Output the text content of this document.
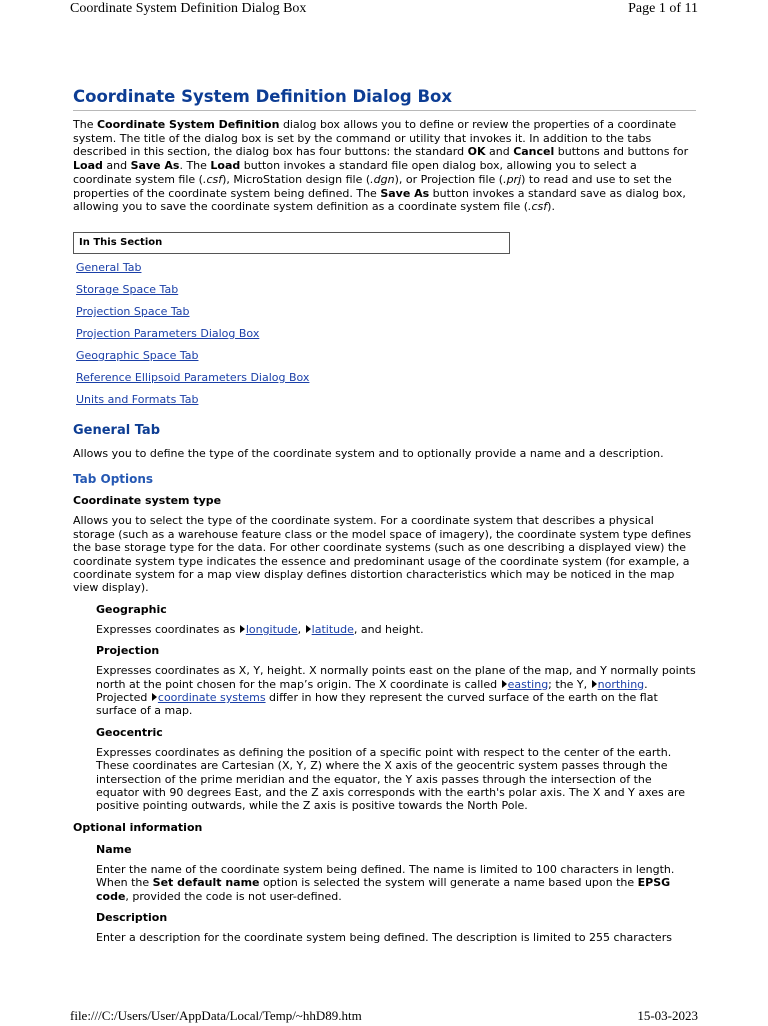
Coordinate System Definition Dialog Box	Page 1 of 11
Coordinate System Definition Dialog Box

The Coordinate System Definition dialog box allows you to define or review the properties of a coordinate system. The title of the dialog box is set by the command or utility that invokes it. In addition to the tabs described in this section, the dialog box has four buttons: the standard OK and Cancel buttons and buttons for Load and Save As. The Load button invokes a standard file open dialog box, allowing you to select a coordinate system file (.csf), MicroStation design file (.dgn), or Projection file (.prj) to read and use to set the properties of the coordinate system being defined. The Save As button invokes a standard save as dialog box, allowing you to save the coordinate system definition as a coordinate system file (.csf).

In This Section
General Tab
Storage Space Tab
Projection Space Tab
Projection Parameters Dialog Box
Geographic Space Tab
Reference Ellipsoid Parameters Dialog Box
Units and Formats Tab
General Tab

Allows you to define the type of the coordinate system and to optionally provide a name and a description.

Tab Options
Coordinate system type

Allows you to select the type of the coordinate system. For a coordinate system that describes a physical storage (such as a warehouse feature class or the model space of imagery), the coordinate system type defines the base storage type for the data. For other coordinate systems (such as one describing a displayed view) the coordinate system type indicates the essence and predominant usage of the coordinate system (for example, a coordinate system for a map view display defines distortion characteristics which may be noticed in the map view display).

Geographic

Expresses coordinates as longitude, latitude, and height.

Projection

Expresses coordinates as X, Y, height. X normally points east on the plane of the map, and Y normally points north at the point chosen for the map’s origin. The X coordinate is called easting; the Y, northing. Projected coordinate systems differ in how they represent the curved surface of the earth on the flat surface of a map.

Geocentric

Expresses coordinates as defining the position of a specific point with respect to the center of the earth. These coordinates are Cartesian (X, Y, Z) where the X axis of the geocentric system passes through the intersection of the prime meridian and the equator, the Y axis passes through the intersection of the equator with 90 degrees East, and the Z axis corresponds with the earth's polar axis. The X and Y axes are positive pointing outwards, while the Z axis is positive towards the North Pole.

Optional information
Name

Enter the name of the coordinate system being defined. The name is limited to 100 characters in length. When the Set default name option is selected the system will generate a name based upon the EPSG code, provided the code is not user-defined.

Description

Enter a description for the coordinate system being defined. The description is limited to 255 characters

file:///C:/Users/User/AppData/Local/Temp/~hhD89.htm	15-03-2023
